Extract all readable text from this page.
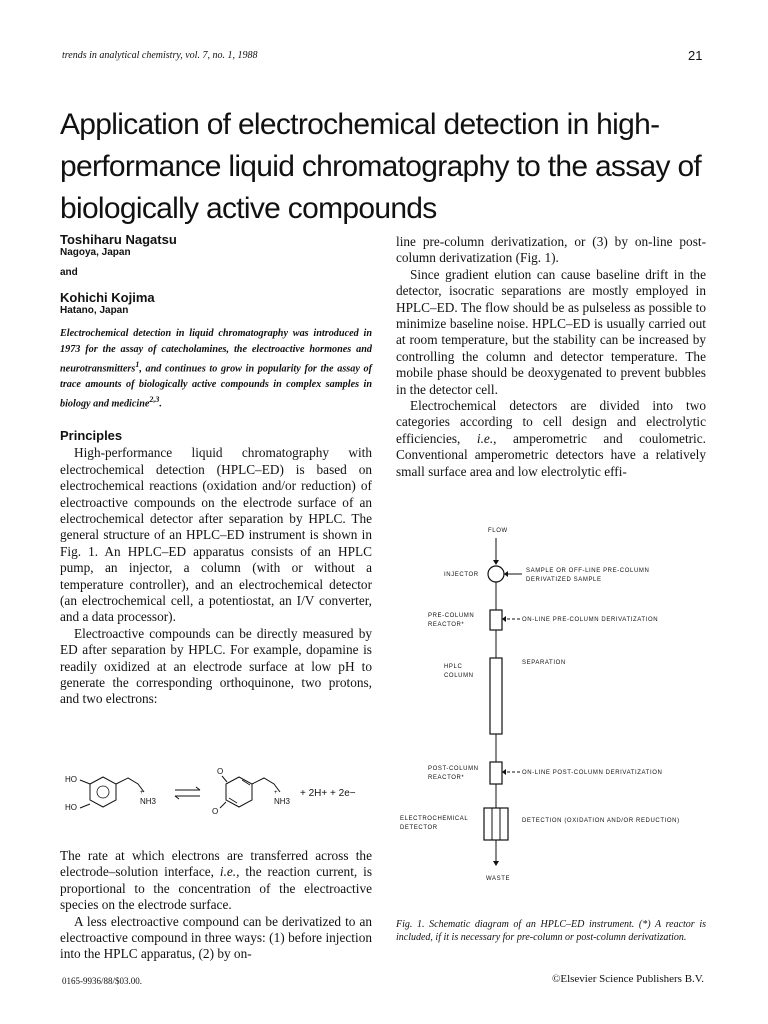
trends in analytical chemistry, vol. 7, no. 1, 1988	21
Application of electrochemical detection in high-performance liquid chromatography to the assay of biologically active compounds
Toshiharu Nagatsu
Nagoya, Japan
and
Kohichi Kojima
Hatano, Japan
Electrochemical detection in liquid chromatography was introduced in 1973 for the assay of catecholamines, the electroactive hormones and neurotransmitters$^1$, and continues to grow in popularity for the assay of trace amounts of biologically active compounds in complex samples in biology and medicine$^{2,3}$.
Principles

High-performance liquid chromatography with electrochemical detection (HPLC–ED) is based on electrochemical reactions (oxidation and/or reduction) of electroactive compounds on the electrode surface of an electrochemical detector after separation by HPLC. The general structure of an HPLC–ED instrument is shown in Fig. 1. An HPLC–ED apparatus consists of an HPLC pump, an injector, a column (with or without a temperature controller), and an electrochemical detector (an electrochemical cell, a potentiostat, an I/V converter, and a data processor).

Electroactive compounds can be directly measured by ED after separation by HPLC. For example, dopamine is readily oxidized at an electrode surface at low pH to generate the corresponding orthoquinone, two protons, and two electrons:

HO
HO
NH3
+
O
O
NH3
+ + 2H+ + 2e−

The rate at which electrons are transferred across the electrode–solution interface, i.e., the reaction current, is proportional to the concentration of the electroactive species on the electrode surface.

A less electroactive compound can be derivatized to an electroactive compound in three ways: (1) before injection into the HPLC apparatus, (2) by on-

line pre-column derivatization, or (3) by on-line post-column derivatization (Fig. 1).

Since gradient elution can cause baseline drift in the detector, isocratic separations are mostly employed in HPLC–ED. The flow should be as pulseless as possible to minimize baseline noise. HPLC–ED is usually carried out at room temperature, but the stability can be increased by controlling the column and detector temperature. The mobile phase should be deoxygenated to prevent bubbles in the detector cell.

Electrochemical detectors are divided into two categories according to cell design and electrolytic efficiencies, i.e., amperometric and coulometric. Conventional amperometric detectors have a relatively small surface area and low electrolytic effi-

FLOW
INJECTOR
SAMPLE OR OFF-LINE PRE-COLUMN
DERIVATIZED SAMPLE
PRE-COLUMN
REACTOR*
ON-LINE PRE-COLUMN DERIVATIZATION
HPLC
COLUMN
SEPARATION
POST-COLUMN
REACTOR*
ON-LINE POST-COLUMN DERIVATIZATION
ELECTROCHEMICAL
DETECTOR
DETECTION (OXIDATION AND/OR REDUCTION)
WASTE
Fig. 1. Schematic diagram of an HPLC–ED instrument. (*) A reactor is included, if it is necessary for pre-column or post-column derivatization.
0165-9936/88/$03.00.	©Elsevier Science Publishers B.V.
